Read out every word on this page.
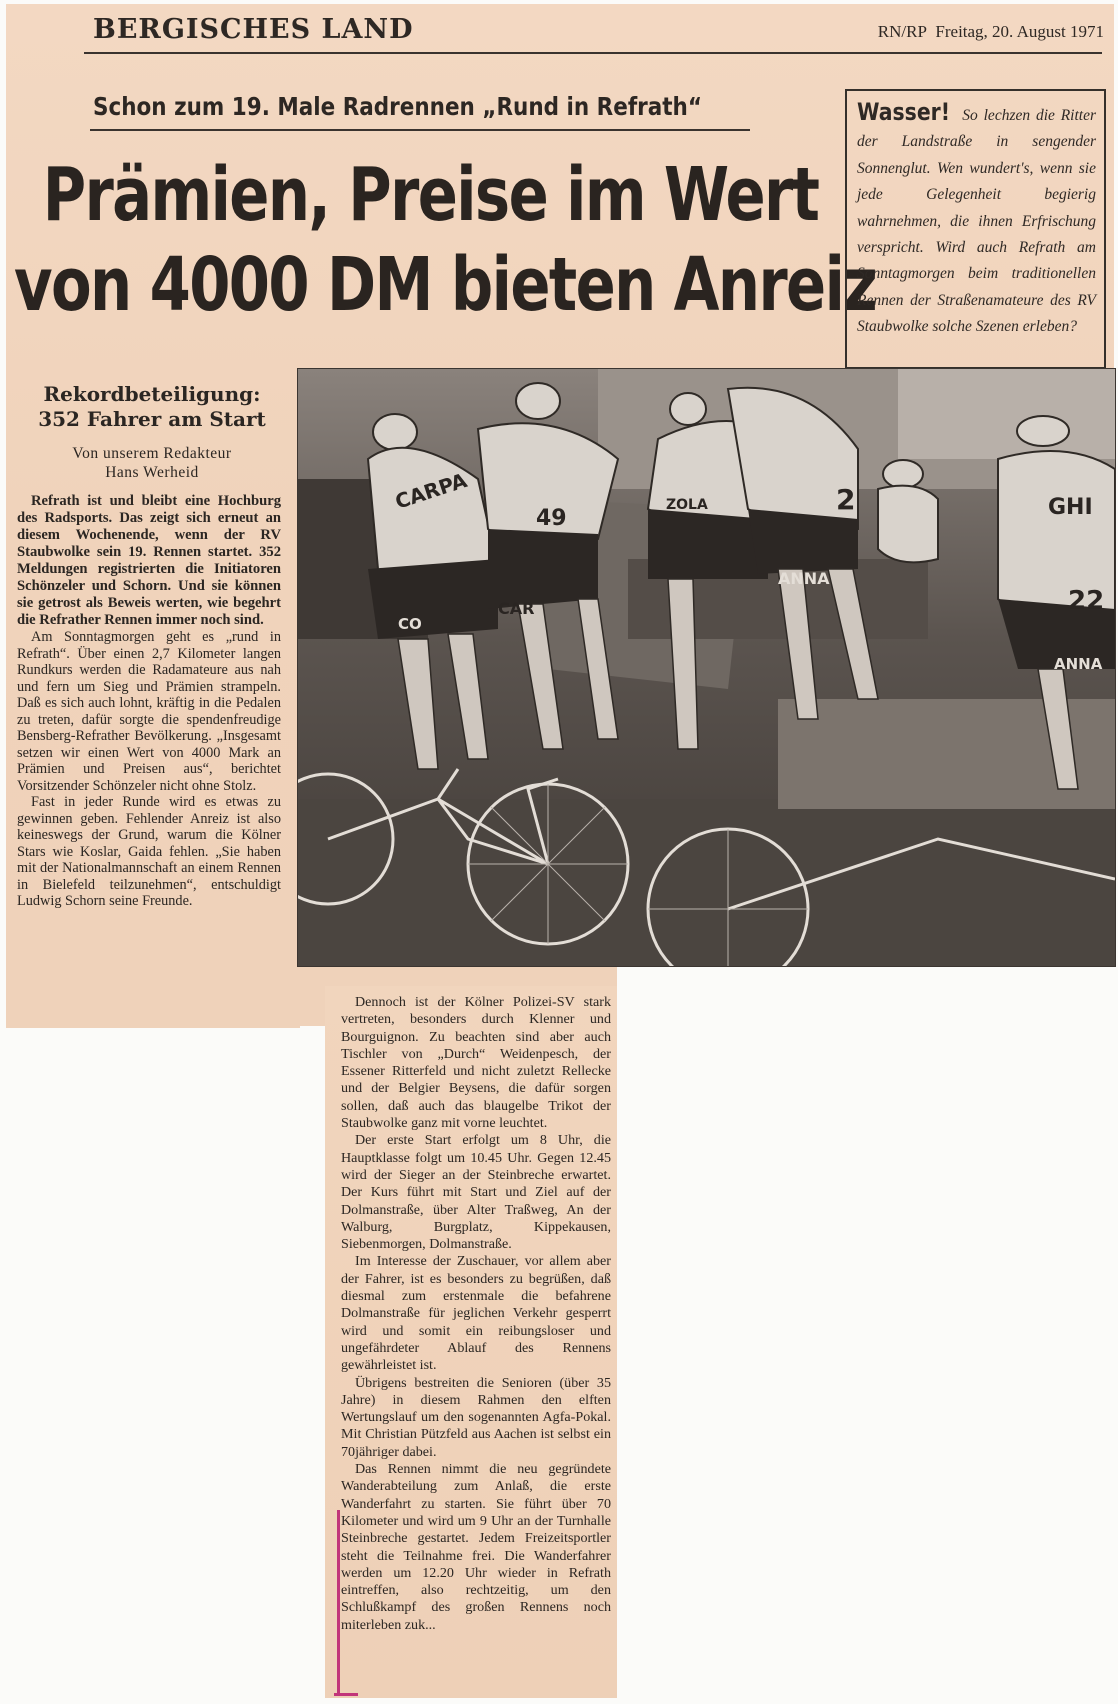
BERGISCHES LAND	RN/RP Freitag, 20. August 1971
Schon zum 19. Male Radrennen „Rund in Refrath“
Prämien, Preise im Wert
von 4000 DM bieten Anreiz

Wasser! So lechzen die Ritter der Landstraße in sengender Sonnenglut. Wen wundert's, wenn sie jede Gelegenheit begierig wahrnehmen, die ihnen Erfrischung verspricht. Wird auch Refrath am Sonntagmorgen beim traditionellen Rennen der Straßenamateure des RV Staubwolke solche Szenen erleben?

Rekordbeteiligung:
352 Fahrer am Start
Von unserem Redakteur
Hans Werheid

Refrath ist und bleibt eine Hochburg des Radsports. Das zeigt sich erneut an diesem Wochenende, wenn der RV Staubwolke sein 19. Rennen startet. 352 Meldungen registrierten die Initiatoren Schönzeler und Schorn. Und sie können sie getrost als Beweis werten, wie begehrt die Refrather Rennen immer noch sind.

Am Sonntagmorgen geht es „rund in Refrath“. Über einen 2,7 Kilometer langen Rundkurs werden die Radamateure aus nah und fern um Sieg und Prämien strampeln. Daß es sich auch lohnt, kräftig in die Pedalen zu treten, dafür sorgte die spendenfreudige Bensberg-Refrather Bevölkerung. „Insgesamt setzen wir einen Wert von 4000 Mark an Prämien und Preisen aus“, berichtet Vorsitzender Schönzeler nicht ohne Stolz.

Fast in jeder Runde wird es etwas zu gewinnen geben. Fehlender Anreiz ist also keineswegs der Grund, warum die Kölner Stars wie Koslar, Gaida fehlen. „Sie haben mit der Nationalmannschaft an einem Rennen in Bielefeld teilzunehmen“, entschuldigt Ludwig Schorn seine Freunde.

CARPA
CAR
2	GHI
ZOLA
ANNA
22
ANNA
CO
49

Dennoch ist der Kölner Polizei-SV stark vertreten, besonders durch Klenner und Bourguignon. Zu beachten sind aber auch Tischler von „Durch“ Weidenpesch, der Essener Ritterfeld und nicht zuletzt Rellecke und der Belgier Beysens, die dafür sorgen sollen, daß auch das blaugelbe Trikot der Staubwolke ganz mit vorne leuchtet.

Der erste Start erfolgt um 8 Uhr, die Hauptklasse folgt um 10.45 Uhr. Gegen 12.45 wird der Sieger an der Steinbreche erwartet. Der Kurs führt mit Start und Ziel auf der Dolmanstraße, über Alter Traßweg, An der Walburg, Burgplatz, Kippekausen, Siebenmorgen, Dolmanstraße.

Im Interesse der Zuschauer, vor allem aber der Fahrer, ist es besonders zu begrüßen, daß diesmal zum erstenmale die befahrene Dolmanstraße für jeglichen Verkehr gesperrt wird und somit ein reibungsloser und ungefährdeter Ablauf des Rennens gewährleistet ist.

Übrigens bestreiten die Senioren (über 35 Jahre) in diesem Rahmen den elften Wertungslauf um den sogenannten Agfa-Pokal. Mit Christian Pützfeld aus Aachen ist selbst ein 70jähriger dabei.

Das Rennen nimmt die neu gegründete Wanderabteilung zum Anlaß, die erste Wanderfahrt zu starten. Sie führt über 70 Kilometer und wird um 9 Uhr an der Turnhalle Steinbreche gestartet. Jedem Freizeitsportler steht die Teilnahme frei. Die Wanderfahrer werden um 12.20 Uhr wieder in Refrath eintreffen, also rechtzeitig, um den Schlußkampf des großen Rennens noch miterleben zuk...
